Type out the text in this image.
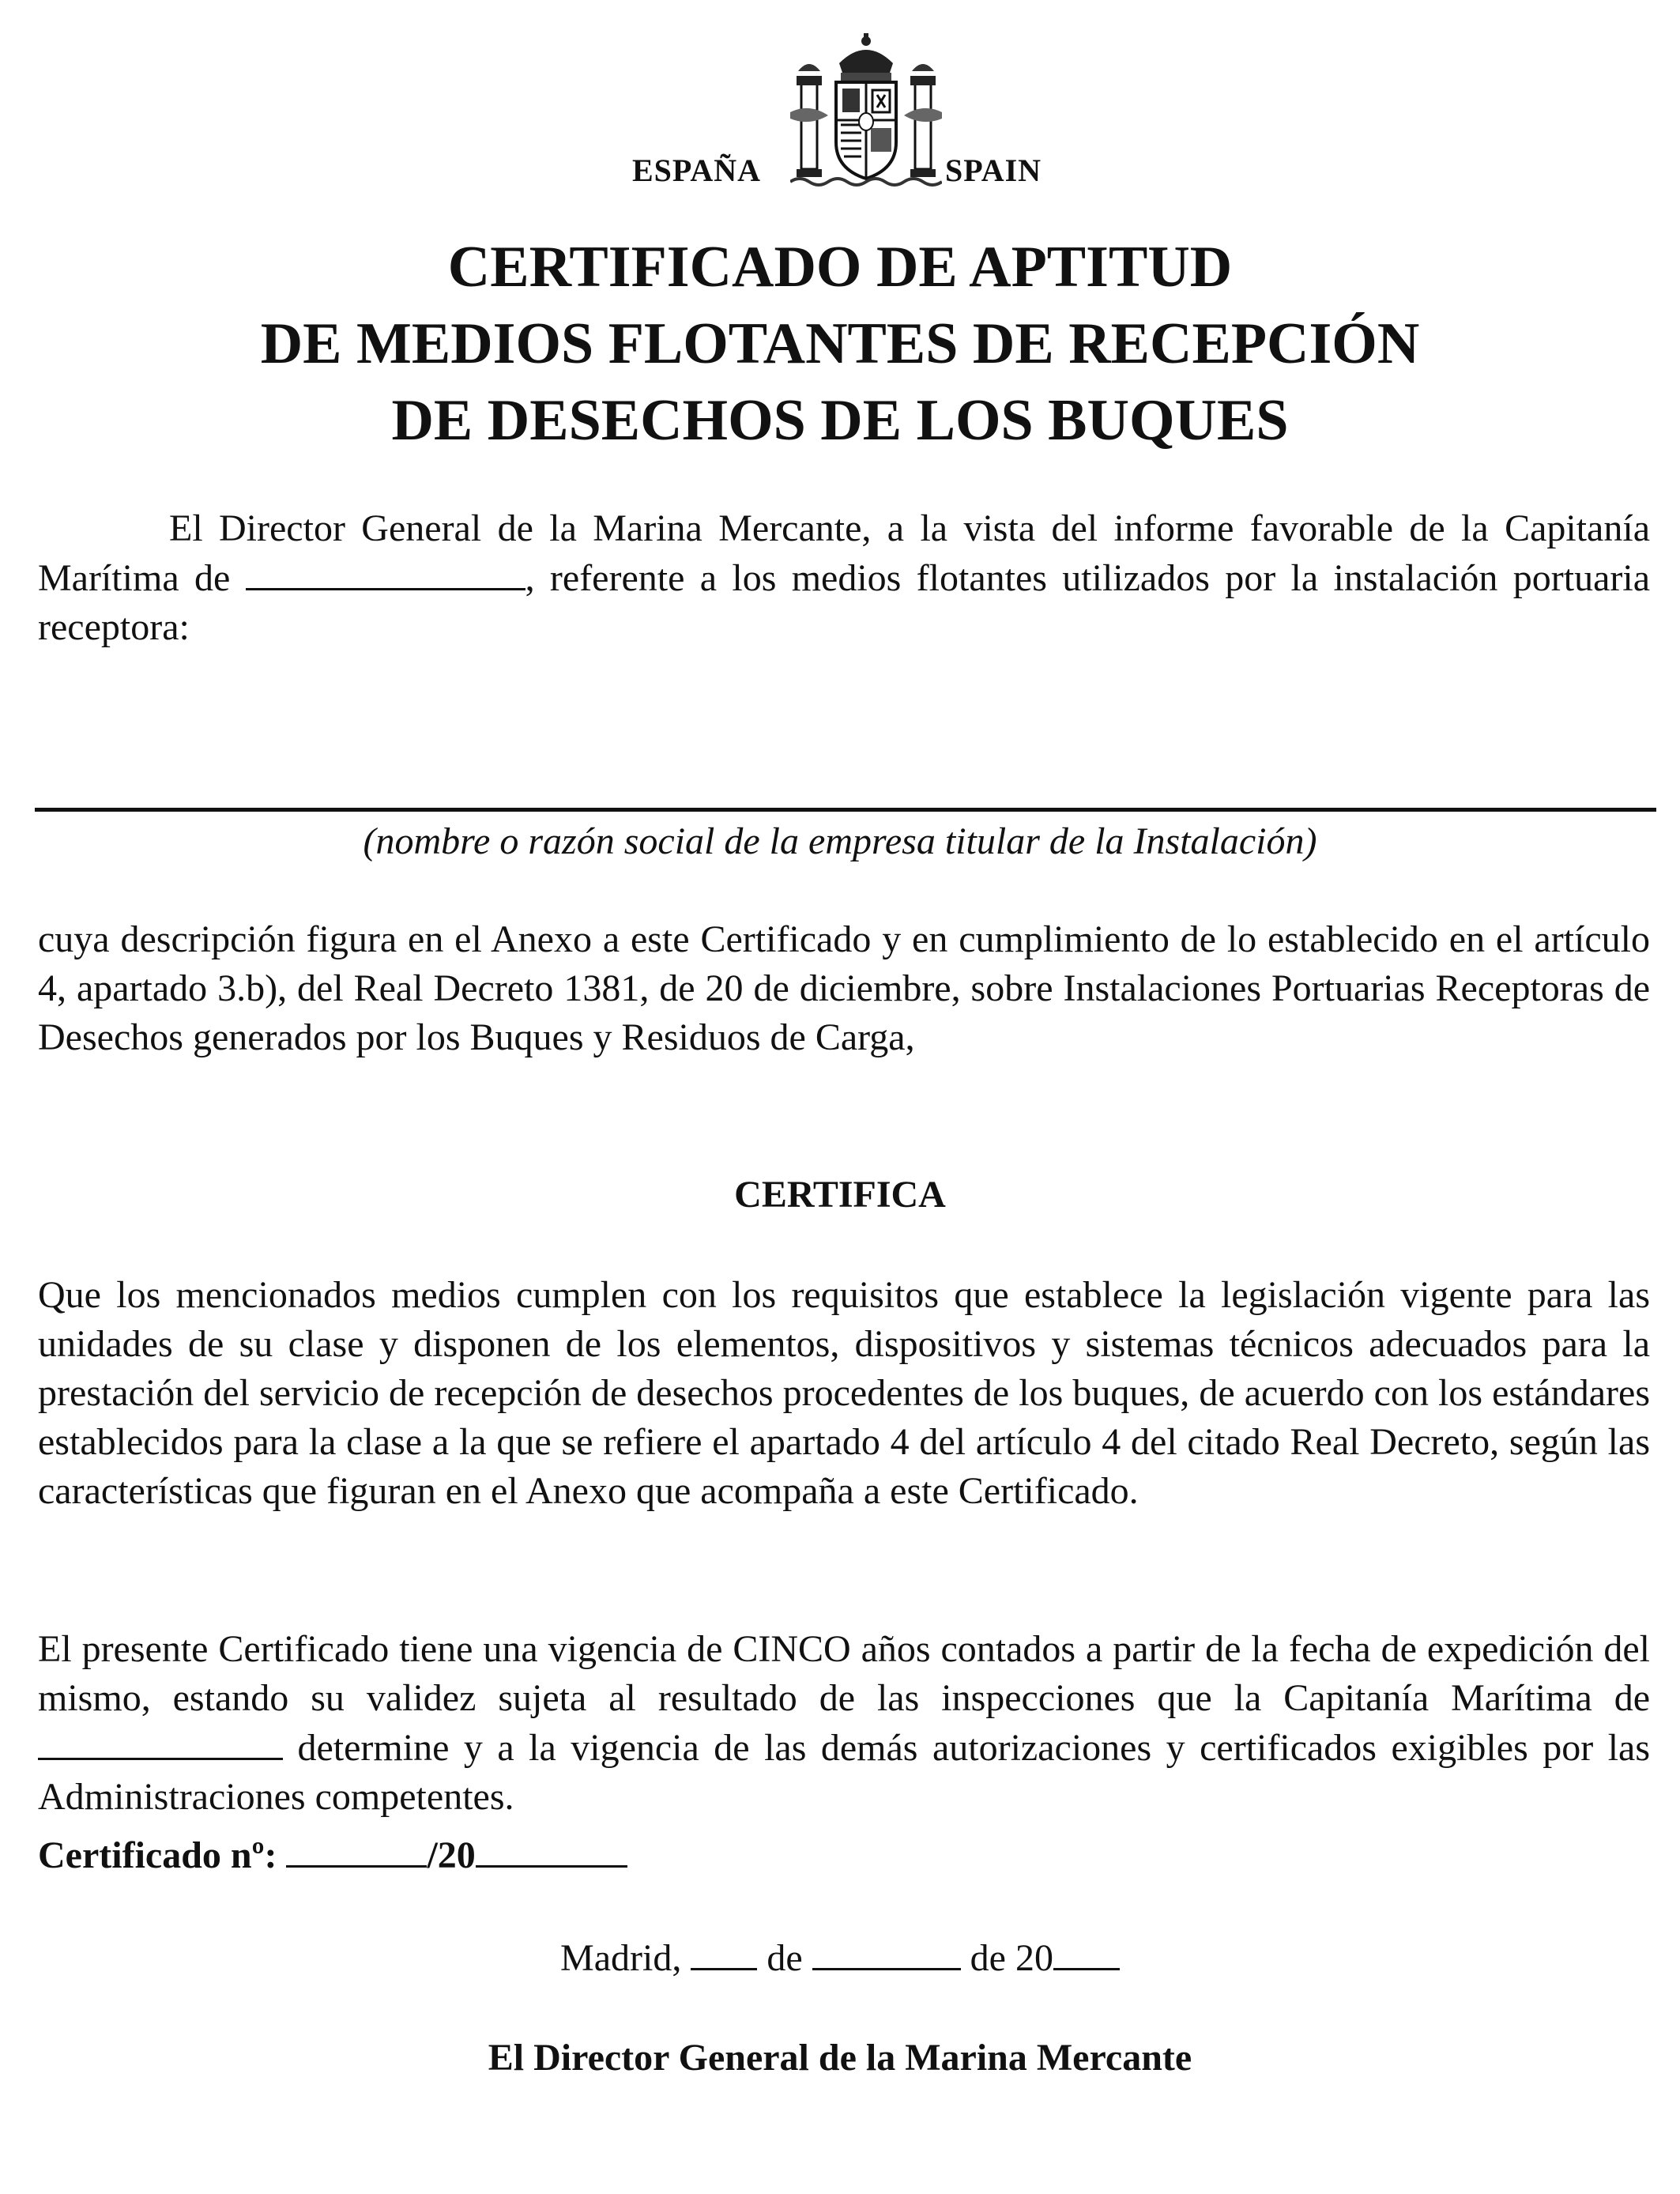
ESPAÑA	SPAIN
CERTIFICADO DE APTITUD
DE MEDIOS FLOTANTES DE RECEPCIÓN
DE DESECHOS DE LOS BUQUES
El Director General de la Marina Mercante, a la vista del informe favorable de la Capitanía Marítima de	, referente a los medios flotantes utilizados por la instalación portuaria receptora:
(nombre o razón social de la empresa titular de la Instalación)
cuya descripción figura en el Anexo a este Certificado y en cumplimiento de lo establecido en el artículo 4, apartado 3.b), del Real Decreto 1381, de 20 de diciembre, sobre Instalaciones Portuarias Receptoras de Desechos generados por los Buques y Residuos de Carga,
CERTIFICA
Que los mencionados medios cumplen con los requisitos que establece la legislación vigente para las unidades de su clase y disponen de los elementos, dispositivos y sistemas técnicos adecuados para la prestación del servicio de recepción de desechos procedentes de los buques, de acuerdo con los estándares establecidos para la clase a la que se refiere el apartado 4 del artículo 4 del citado Real Decreto, según las características que figuran en el Anexo que acompaña a este Certificado.
El presente Certificado tiene una vigencia de CINCO años contados a partir de la fecha de expedición del mismo, estando su validez sujeta al resultado de las inspecciones que la Capitanía Marítima de  determine y a la vigencia de las demás autorizaciones y certificados exigibles por las Administraciones competentes.
Certificado nº:	/20
Madrid, de	de 20
El Director General de la Marina Mercante
